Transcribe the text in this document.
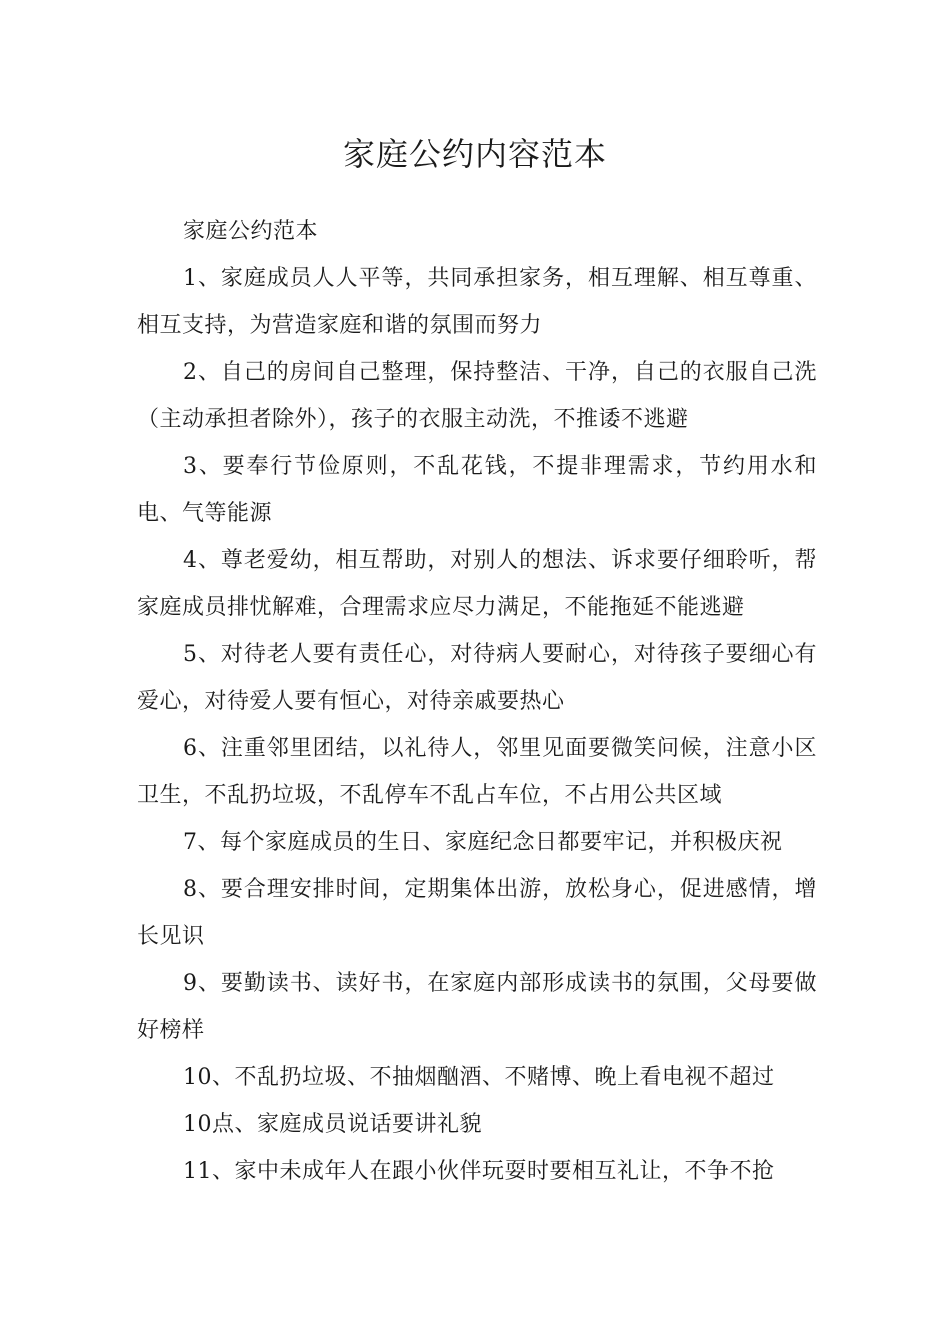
家庭公约内容范本

家庭公约范本

1、家庭成员人人平等，共同承担家务，相互理解、相互尊重、相互支持，为营造家庭和谐的氛围而努力

2、自己的房间自己整理，保持整洁、干净，自己的衣服自己洗（主动承担者除外），孩子的衣服主动洗，不推诿不逃避

3、要奉行节俭原则，不乱花钱，不提非理需求，节约用水和电、气等能源

4、尊老爱幼，相互帮助，对别人的想法、诉求要仔细聆听，帮家庭成员排忧解难，合理需求应尽力满足，不能拖延不能逃避

5、对待老人要有责任心，对待病人要耐心，对待孩子要细心有爱心，对待爱人要有恒心，对待亲戚要热心

6、注重邻里团结，以礼待人，邻里见面要微笑问候，注意小区卫生，不乱扔垃圾，不乱停车不乱占车位，不占用公共区域

7、每个家庭成员的生日、家庭纪念日都要牢记，并积极庆祝

8、要合理安排时间，定期集体出游，放松身心，促进感情，增长见识

9、要勤读书、读好书，在家庭内部形成读书的氛围，父母要做好榜样

10、不乱扔垃圾、不抽烟酗酒、不赌博、晚上看电视不超过

10点、家庭成员说话要讲礼貌

11、家中未成年人在跟小伙伴玩耍时要相互礼让，不争不抢
